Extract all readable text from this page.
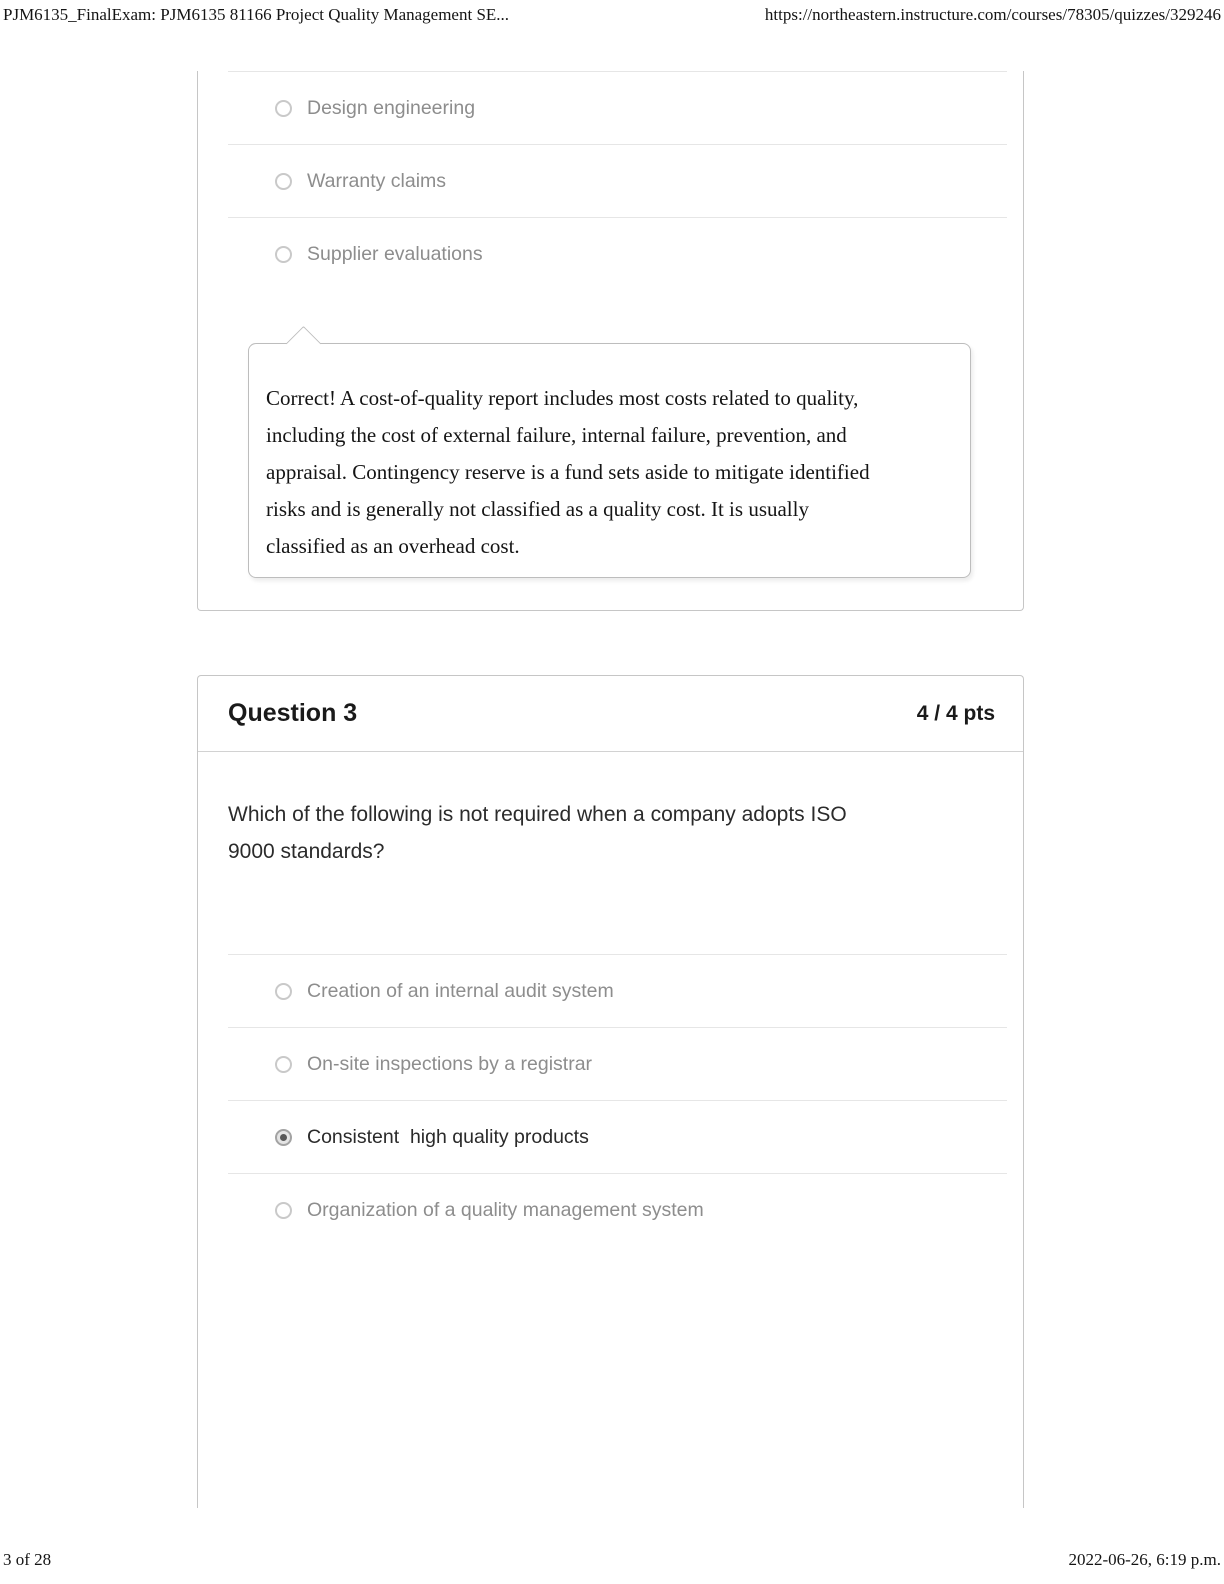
PJM6135_FinalExam: PJM6135 81166 Project Quality Management SE...	https://northeastern.instructure.com/courses/78305/quizzes/329246
Design engineering
Warranty claims
Supplier evaluations
Correct! A cost-of-quality report includes most costs related to quality,
including the cost of external failure, internal failure, prevention, and
appraisal. Contingency reserve is a fund sets aside to mitigate identified
risks and is generally not classified as a quality cost. It is usually
classified as an overhead cost.
Question 3	4 / 4 pts
Which of the following is not required when a company adopts ISO
9000 standards?
Creation of an internal audit system
On-site inspections by a registrar
Consistent  high quality products
Organization of a quality management system
3 of 28	2022-06-26, 6:19 p.m.
